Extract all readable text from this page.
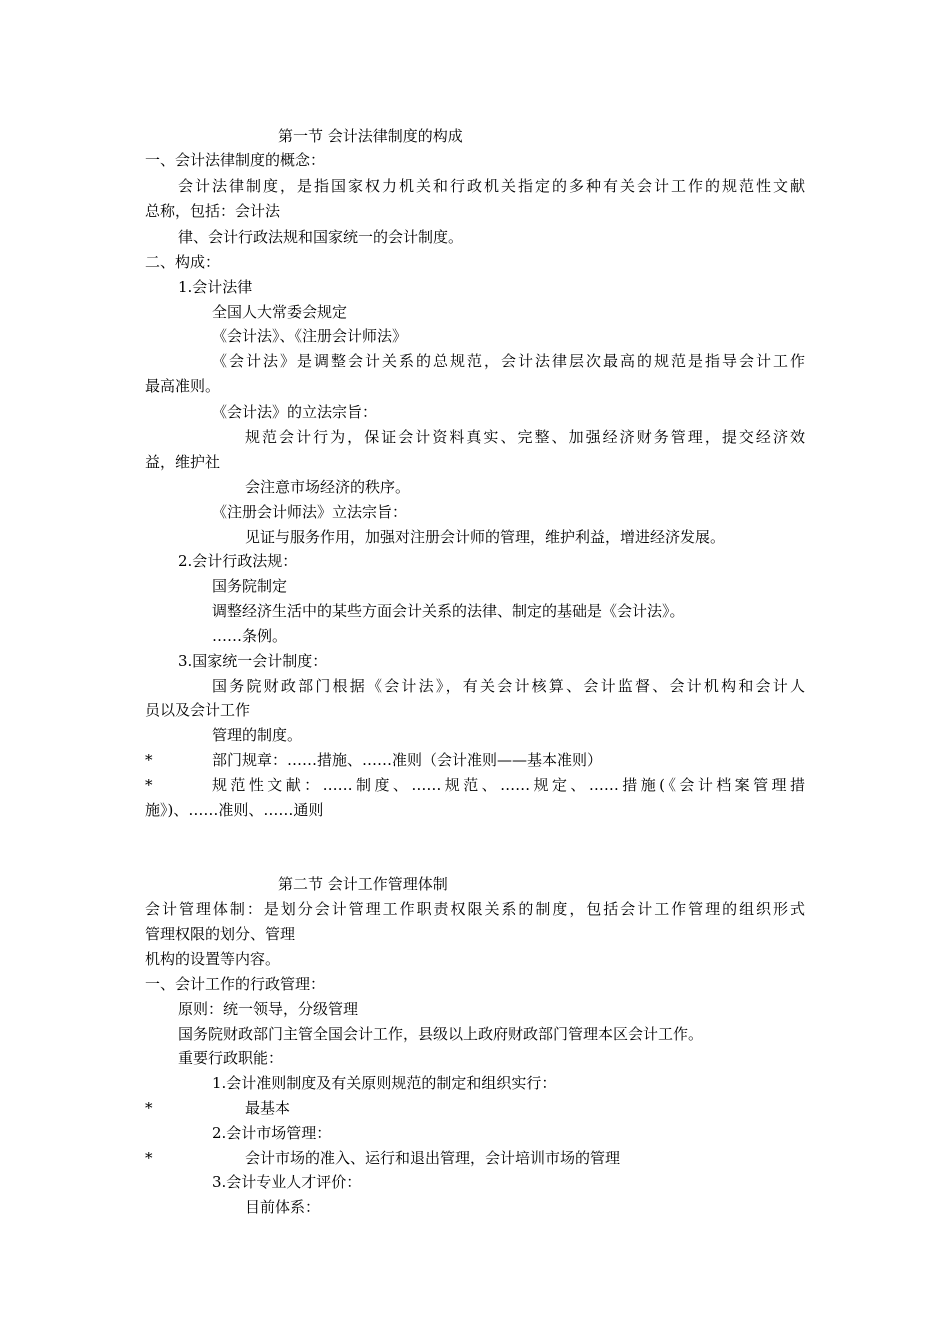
第一节 会计法律制度的构成
一、会计法律制度的概念：
会计法律制度，是指国家权力机关和行政机关指定的多种有关会计工作的规范性文献
总称，包括：会计法
律、会计行政法规和国家统一的会计制度。
二、构成：
1.会计法律
全国人大常委会规定
《会计法》、《注册会计师法》
《会计法》是调整会计关系的总规范，会计法律层次最高的规范是指导会计工作
最高准则。
《会计法》的立法宗旨：
规范会计行为，保证会计资料真实、完整、加强经济财务管理，提交经济效
益，维护社
会注意市场经济的秩序。
《注册会计师法》立法宗旨：
见证与服务作用，加强对注册会计师的管理，维护利益，增进经济发展。
2.会计行政法规：
国务院制定
调整经济生活中的某些方面会计关系的法律、制定的基础是《会计法》。
……条例。
3.国家统一会计制度：
国务院财政部门根据《会计法》，有关会计核算、会计监督、会计机构和会计人
员以及会计工作
管理的制度。
*	部门规章：……措施、……准则（会计准则——基本准则）
*	规范性文献：……制度、……规范、……规定、……措施(《会计档案管理措
施》)、……准则、……通则
第二节 会计工作管理体制
会计管理体制：是划分会计管理工作职责权限关系的制度，包括会计工作管理的组织形式
管理权限的划分、管理
机构的设置等内容。
一、会计工作的行政管理：
原则：统一领导，分级管理
国务院财政部门主管全国会计工作，县级以上政府财政部门管理本区会计工作。
重要行政职能：
1.会计准则制度及有关原则规范的制定和组织实行：
*	最基本
2.会计市场管理：
*	会计市场的准入、运行和退出管理，会计培训市场的管理
3.会计专业人才评价：
目前体系：
